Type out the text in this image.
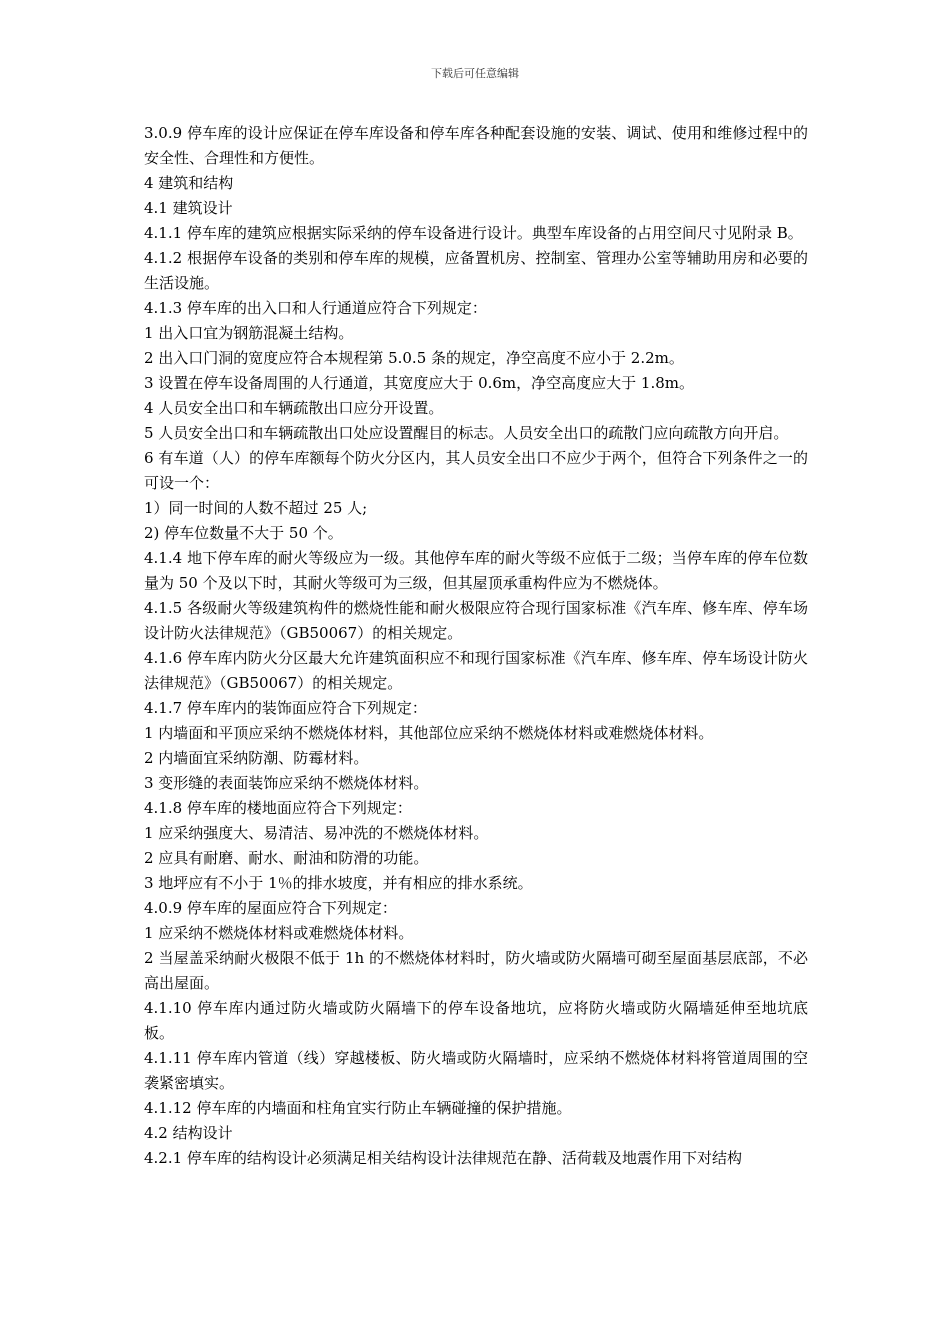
下载后可任意编辑

3.0.9 停车库的设计应保证在停车库设备和停车库各种配套设施的安装、调试、使用和维修过程中的安全性、合理性和方便性。

4 建筑和结构

4.1 建筑设计

4.1.1 停车库的建筑应根据实际采纳的停车设备进行设计。典型车库设备的占用空间尺寸见附录 B。

4.1.2 根据停车设备的类别和停车库的规模，应备置机房、控制室、管理办公室等辅助用房和必要的生活设施。

4.1.3 停车库的出入口和人行通道应符合下列规定：

1 出入口宜为钢筋混凝土结构。

2 出入口门洞的宽度应符合本规程第 5.0.5 条的规定，净空高度不应小于 2.2m。

3 设置在停车设备周围的人行通道，其宽度应大于 0.6m，净空高度应大于 1.8m。

4 人员安全出口和车辆疏散出口应分开设置。

5 人员安全出口和车辆疏散出口处应设置醒目的标志。人员安全出口的疏散门应向疏散方向开启。

6 有车道（人）的停车库额每个防火分区内，其人员安全出口不应少于两个，但符合下列条件之一的可设一个：

1）同一时间的人数不超过 25 人;

2) 停车位数量不大于 50 个。

4.1.4 地下停车库的耐火等级应为一级。其他停车库的耐火等级不应低于二级；当停车库的停车位数量为 50 个及以下时，其耐火等级可为三级，但其屋顶承重构件应为不燃烧体。

4.1.5 各级耐火等级建筑构件的燃烧性能和耐火极限应符合现行国家标准《汽车库、修车库、停车场设计防火法律规范》（GB50067）的相关规定。

4.1.6 停车库内防火分区最大允许建筑面积应不和现行国家标准《汽车库、修车库、停车场设计防火法律规范》（GB50067）的相关规定。

4.1.7 停车库内的装饰面应符合下列规定：

1 内墙面和平顶应采纳不燃烧体材料，其他部位应采纳不燃烧体材料或难燃烧体材料。

2 内墙面宜采纳防潮、防霉材料。

3 变形缝的表面装饰应采纳不燃烧体材料。

4.1.8 停车库的楼地面应符合下列规定：

1 应采纳强度大、易清洁、易冲洗的不燃烧体材料。

2 应具有耐磨、耐水、耐油和防滑的功能。

3 地坪应有不小于 1％的排水坡度，并有相应的排水系统。

4.0.9 停车库的屋面应符合下列规定：

1 应采纳不燃烧体材料或难燃烧体材料。

2 当屋盖采纳耐火极限不低于 1h 的不燃烧体材料时，防火墙或防火隔墙可砌至屋面基层底部，不必高出屋面。

4.1.10 停车库内通过防火墙或防火隔墙下的停车设备地坑，应将防火墙或防火隔墙延伸至地坑底板。

4.1.11 停车库内管道（线）穿越楼板、防火墙或防火隔墙时，应采纳不燃烧体材料将管道周围的空袭紧密填实。

4.1.12 停车库的内墙面和柱角宜实行防止车辆碰撞的保护措施。

4.2 结构设计

4.2.1 停车库的结构设计必须满足相关结构设计法律规范在静、活荷载及地震作用下对结构
